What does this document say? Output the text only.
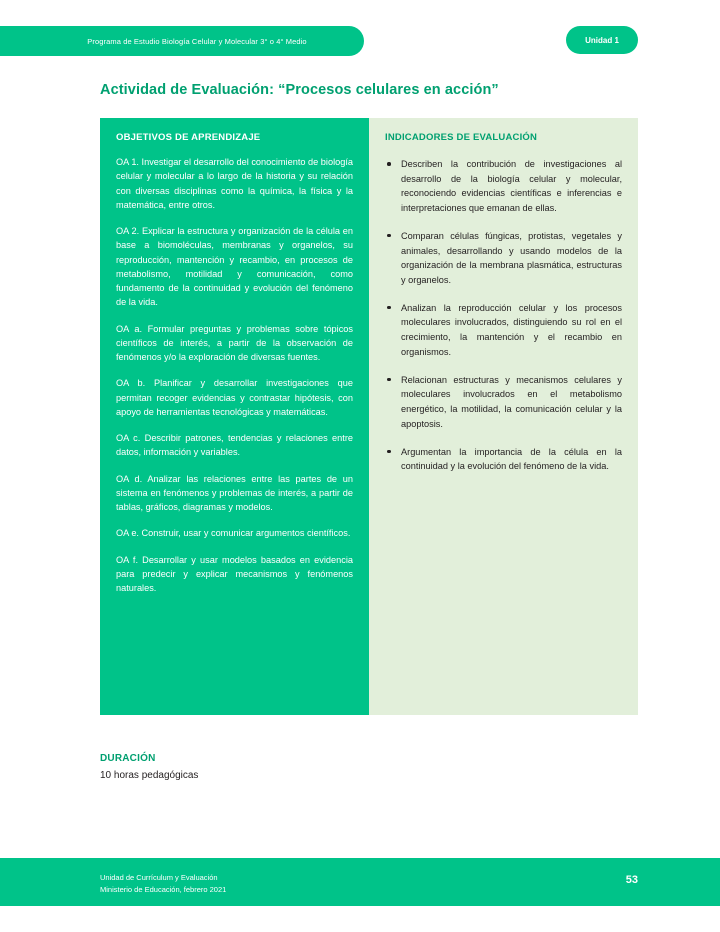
Programa de Estudio Biología Celular y Molecular 3° o 4° Medio	Unidad 1
Actividad de Evaluación: “Procesos celulares en acción”
OBJETIVOS DE APRENDIZAJE
OA 1. Investigar el desarrollo del conocimiento de biología celular y molecular a lo largo de la historia y su relación con diversas disciplinas como la química, la física y la matemática, entre otros.
OA 2. Explicar la estructura y organización de la célula en base a biomoléculas, membranas y organelos, su reproducción, mantención y recambio, en procesos de metabolismo, motilidad y comunicación, como fundamento de la continuidad y evolución del fenómeno de la vida.
OA a. Formular preguntas y problemas sobre tópicos científicos de interés, a partir de la observación de fenómenos y/o la exploración de diversas fuentes.
OA b. Planificar y desarrollar investigaciones que permitan recoger evidencias y contrastar hipótesis, con apoyo de herramientas tecnológicas y matemáticas.
OA c. Describir patrones, tendencias y relaciones entre datos, información y variables.
OA d. Analizar las relaciones entre las partes de un sistema en fenómenos y problemas de interés, a partir de tablas, gráficos, diagramas y modelos.
OA e. Construir, usar y comunicar argumentos científicos.
OA f. Desarrollar y usar modelos basados en evidencia para predecir y explicar mecanismos y fenómenos naturales.
INDICADORES DE EVALUACIÓN
Describen la contribución de investigaciones al desarrollo de la biología celular y molecular, reconociendo evidencias científicas e inferencias e interpretaciones que emanan de ellas.
Comparan células fúngicas, protistas, vegetales y animales, desarrollando y usando modelos de la organización de la membrana plasmática, estructuras y organelos.
Analizan la reproducción celular y los procesos moleculares involucrados, distinguiendo su rol en el crecimiento, la mantención y el recambio en organismos.
Relacionan estructuras y mecanismos celulares y moleculares involucrados en el metabolismo energético, la motilidad, la comunicación celular y la apoptosis.
Argumentan la importancia de la célula en la continuidad y la evolución del fenómeno de la vida.
DURACIÓN
10 horas pedagógicas
Unidad de Currículum y Evaluación
Ministerio de Educación, febrero 2021
53
